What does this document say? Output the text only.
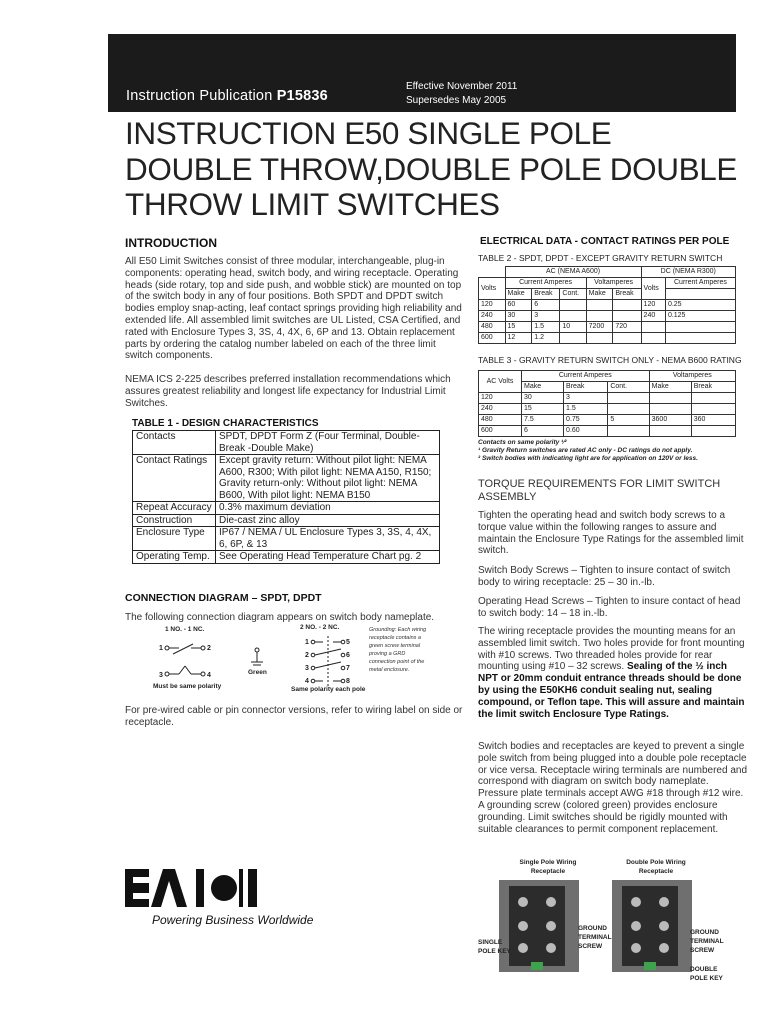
Instruction Publication P15836
Effective November 2011
Supersedes May 2005
INSTRUCTION E50 SINGLE POLE DOUBLE THROW,DOUBLE POLE DOUBLE THROW LIMIT SWITCHES
INTRODUCTION
All E50 Limit Switches consist of three modular, interchangeable, plug-in components: operating head, switch body, and wiring receptacle. Operating heads (side rotary, top and side push, and wobble stick) are mounted on top of the switch body in any of four positions. Both SPDT and DPDT switch bodies employ snap-acting, leaf contact springs providing high reliability and extended life. All assembled limit switches are UL Listed, CSA Certified, and rated with Enclosure Types 3, 3S, 4, 4X, 6, 6P and 13. Obtain replacement parts by ordering the catalog number labeled on each of the three limit switch components.
NEMA ICS 2-225 describes preferred installation recommendations which assures greatest reliability and longest life expectancy for Industrial Limit Switches.
TABLE 1 - DESIGN CHARACTERISTICS
Contacts	SPDT, DPDT Form Z (Four Terminal, Double-Break -Double Make)
Contact Ratings	Except gravity return: Without pilot light: NEMA A600, R300; With pilot light: NEMA A150, R150; Gravity return-only: Without pilot light: NEMA B600, With pilot light: NEMA B150
Repeat Accuracy	0.3% maximum deviation
Construction	Die-cast zinc alloy
Enclosure Type	IP67 / NEMA / UL Enclosure Types 3, 3S, 4, 4X, 6, 6P, & 13
Operating Temp.	See Operating Head Temperature Chart pg. 2
CONNECTION DIAGRAM – SPDT, DPDT
The following connection diagram appears on switch body nameplate.
1 NO. - 1 NC.	2 NO. - 2 NC.
1	2
3	4
1	5
2	6
3	7
4	8
Green
Must be same polarity	Same polarity each pole
Grounding: Each wiring receptacle contains a green screw terminal proving a GRD connection point of the metal enclosure.
For pre-wired cable or pin connector versions, refer to wiring label on side or receptacle.
Powering Business Worldwide
ELECTRICAL DATA - CONTACT RATINGS PER POLE
TABLE 2 - SPDT, DPDT - EXCEPT GRAVITY RETURN SWITCH
	AC (NEMA A600)					DC (NEMA R300)	
Volts	Current Amperes			Voltamperes		Volts	Current Amperes
	Make	Break	Cont.	Make	Break		
120	60	6				120	0.25
240	30	3				240	0.125
480	15	1.5	10	7200	720		
600	12	1.2					
TABLE 3 - GRAVITY RETURN SWITCH ONLY - NEMA B600 RATING
AC Volts	Current Amperes			Voltamperes	
	Make	Break	Cont.	Make	Break
120	30	3			
240	15	1.5			
480	7.5	0.75	5	3600	360
600	6	0.60			
Contacts on same polarity ¹⁄²
¹ Gravity Return switches are rated AC only - DC ratings do not apply.
² Switch bodies with indicating light are for application on 120V or less.
TORQUE REQUIREMENTS FOR LIMIT SWITCH ASSEMBLY
Tighten the operating head and switch body screws to a torque value within the following ranges to assure and maintain the Enclosure Type Ratings for the assembled limit switch.
Switch Body Screws – Tighten to insure contact of switch body to wiring receptacle: 25 – 30 in.-lb.
Operating Head Screws – Tighten to insure contact of head to switch body: 14 – 18 in.-lb.
The wiring receptacle provides the mounting means for an assembled limit switch. Two holes provide for front mounting with #10 screws. Two threaded holes provide for rear mounting using #10 – 32 screws. Sealing of the ½ inch NPT or 20mm conduit entrance threads should be done by using the E50KH6 conduit sealing nut, sealing compound, or Teflon tape. This will assure and maintain the limit switch Enclosure Type Ratings.
Switch bodies and receptacles are keyed to prevent a single pole switch from being plugged into a double pole receptacle or vice versa. Receptacle wiring terminals are numbered and correspond with diagram on switch body nameplate. Pressure plate terminals accept AWG #18 through #12 wire. A grounding screw (colored green) provides enclosure grounding. Limit switches should be rigidly mounted with suitable clearances to permit component replacement.
Single Pole Wiring Receptacle
Double Pole Wiring Receptacle
SINGLE POLE KEY
GROUND TERMINAL SCREW
GROUND TERMINAL SCREW
DOUBLE POLE KEY
